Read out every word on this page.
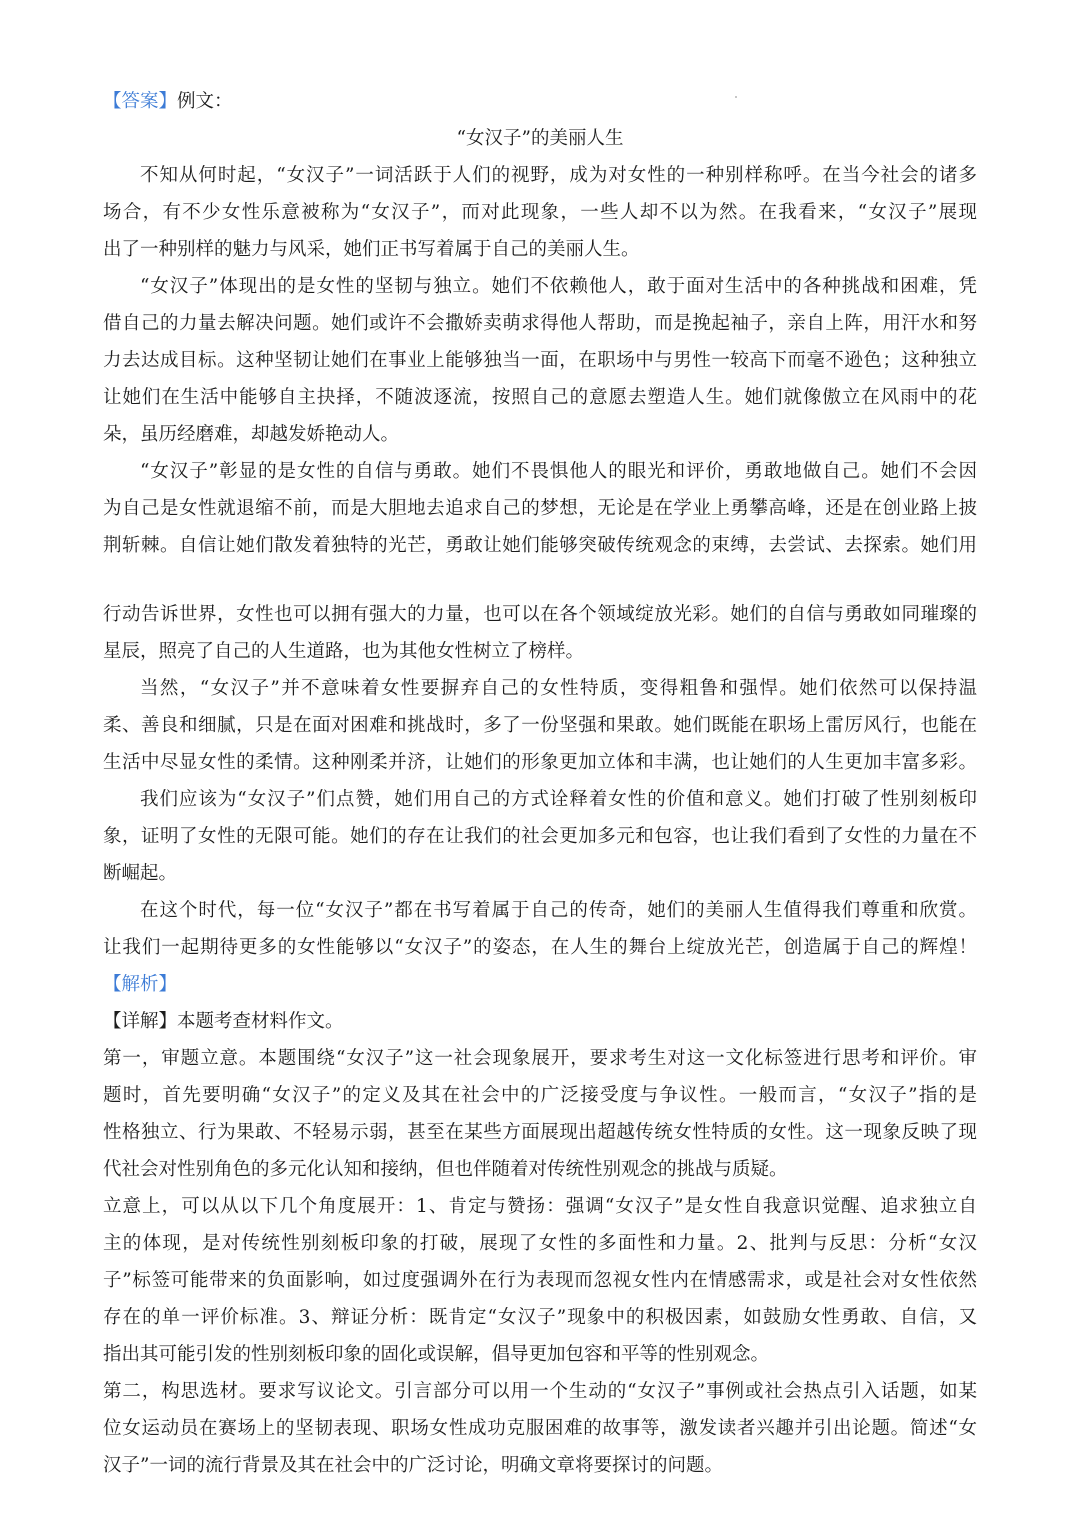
【答案】例文：
“女汉子”的美丽人生
不知从何时起，“女汉子”一词活跃于人们的视野，成为对女性的一种别样称呼。在当今社会的诸多
场合，有不少女性乐意被称为“女汉子”，而对此现象，一些人却不以为然。在我看来，“女汉子”展现
出了一种别样的魅力与风采，她们正书写着属于自己的美丽人生。
“女汉子”体现出的是女性的坚韧与独立。她们不依赖他人，敢于面对生活中的各种挑战和困难，凭
借自己的力量去解决问题。她们或许不会撒娇卖萌求得他人帮助，而是挽起袖子，亲自上阵，用汗水和努
力去达成目标。这种坚韧让她们在事业上能够独当一面，在职场中与男性一较高下而毫不逊色；这种独立
让她们在生活中能够自主抉择，不随波逐流，按照自己的意愿去塑造人生。她们就像傲立在风雨中的花
朵，虽历经磨难，却越发娇艳动人。
“女汉子”彰显的是女性的自信与勇敢。她们不畏惧他人的眼光和评价，勇敢地做自己。她们不会因
为自己是女性就退缩不前，而是大胆地去追求自己的梦想，无论是在学业上勇攀高峰，还是在创业路上披
荆斩棘。自信让她们散发着独特的光芒，勇敢让她们能够突破传统观念的束缚，去尝试、去探索。她们用
行动告诉世界，女性也可以拥有强大的力量，也可以在各个领域绽放光彩。她们的自信与勇敢如同璀璨的
星辰，照亮了自己的人生道路，也为其他女性树立了榜样。
当然，“女汉子”并不意味着女性要摒弃自己的女性特质，变得粗鲁和强悍。她们依然可以保持温
柔、善良和细腻，只是在面对困难和挑战时，多了一份坚强和果敢。她们既能在职场上雷厉风行，也能在
生活中尽显女性的柔情。这种刚柔并济，让她们的形象更加立体和丰满，也让她们的人生更加丰富多彩。
我们应该为“女汉子”们点赞，她们用自己的方式诠释着女性的价值和意义。她们打破了性别刻板印
象，证明了女性的无限可能。她们的存在让我们的社会更加多元和包容，也让我们看到了女性的力量在不
断崛起。
在这个时代，每一位“女汉子”都在书写着属于自己的传奇，她们的美丽人生值得我们尊重和欣赏。
让我们一起期待更多的女性能够以“女汉子”的姿态，在人生的舞台上绽放光芒，创造属于自己的辉煌！
【解析】
【详解】本题考查材料作文。
第一，审题立意。本题围绕“女汉子”这一社会现象展开，要求考生对这一文化标签进行思考和评价。审
题时，首先要明确“女汉子”的定义及其在社会中的广泛接受度与争议性。一般而言，“女汉子”指的是
性格独立、行为果敢、不轻易示弱，甚至在某些方面展现出超越传统女性特质的女性。这一现象反映了现
代社会对性别角色的多元化认知和接纳，但也伴随着对传统性别观念的挑战与质疑。
立意上，可以从以下几个角度展开：1、肯定与赞扬：强调“女汉子”是女性自我意识觉醒、追求独立自
主的体现，是对传统性别刻板印象的打破，展现了女性的多面性和力量。2、批判与反思：分析“女汉
子”标签可能带来的负面影响，如过度强调外在行为表现而忽视女性内在情感需求，或是社会对女性依然
存在的单一评价标准。3、辩证分析：既肯定“女汉子”现象中的积极因素，如鼓励女性勇敢、自信，又
指出其可能引发的性别刻板印象的固化或误解，倡导更加包容和平等的性别观念。
第二，构思选材。要求写议论文。引言部分可以用一个生动的“女汉子”事例或社会热点引入话题，如某
位女运动员在赛场上的坚韧表现、职场女性成功克服困难的故事等，激发读者兴趣并引出论题。简述“女
汉子”一词的流行背景及其在社会中的广泛讨论，明确文章将要探讨的问题。
